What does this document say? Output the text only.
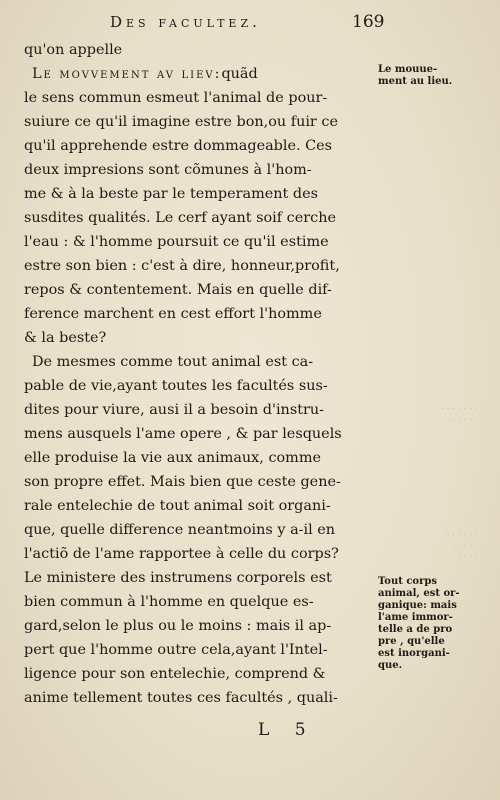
Des facultez.	169
. . . . . . .
. . . . . .
. . . . . .
. . . . .
. . . .
qu'on appelle
Le movvement av liev:quãd
le sens commun esmeut l'animal de pour-
suiure ce qu'il imagine estre bon,ou fuir ce
qu'il apprehende estre dommageable. Ces
deux impresions sont cõmunes à l'hom-
me & à la beste par le temperament des
susdites qualités. Le cerf ayant soif cerche
l'eau : & l'homme poursuit ce qu'il estime
estre son bien : c'est à dire, honneur,profit,
repos & contentement. Mais en quelle dif-
ference marchent en cest effort l'homme
& la beste?
De mesmes comme tout animal est ca-
pable de vie,ayant toutes les facultés sus-
dites pour viure, ausi il a besoin d'instru-
mens ausquels l'ame opere , & par lesquels
elle produise la vie aux animaux, comme
son propre effet. Mais bien que ceste gene-
rale entelechie de tout animal soit organi-
que, quelle difference neantmoins y a-il en
l'actiõ de l'ame rapportee à celle du corps?
Le ministere des instrumens corporels est
bien commun à l'homme en quelque es-
gard,selon le plus ou le moins : mais il ap-
pert que l'homme outre cela,ayant l'Intel-
ligence pour son entelechie, comprend &
anime tellement toutes ces facultés , quali-
Le mouue-
ment au lieu.
Tout corps
animal, est or-
ganique: mais
l'ame immor-
telle a de pro
pre , qu'elle
est inorgani-
que.
L 5
